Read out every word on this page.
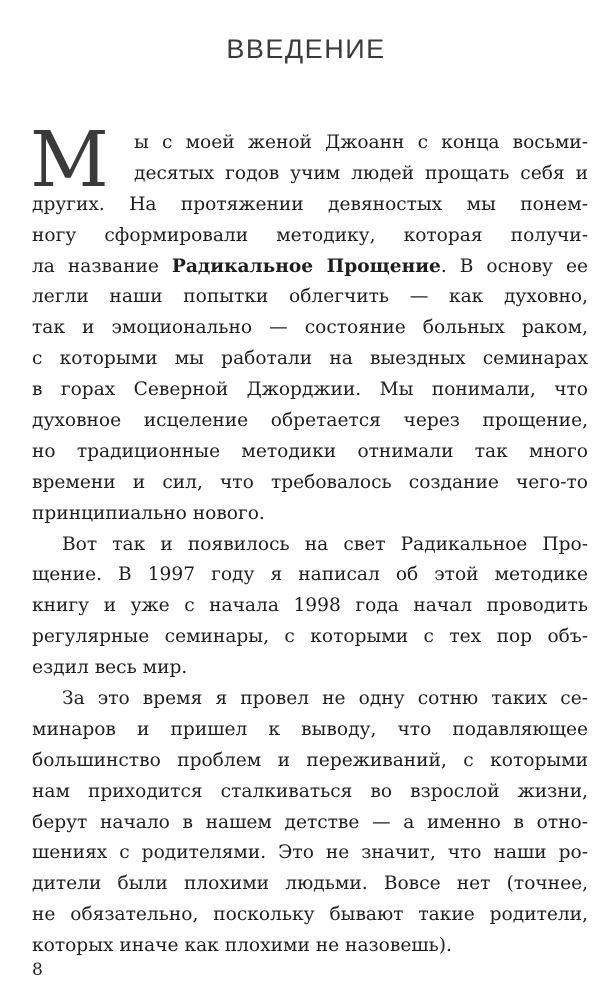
ВВЕДЕНИЕ
М	ы с моей женой Джоанн с конца восьми-
десятых годов учим людей прощать себя и
других. На протяжении девяностых мы понем-
ногу сформировали методику, которая получи-
ла название Радикальное Прощение. В основу ее
легли наши попытки облегчить — как духовно,
так и эмоционально — состояние больных раком,
с которыми мы работали на выездных семинарах
в горах Северной Джорджии. Мы понимали, что
духовное исцеление обретается через прощение,
но традиционные методики отнимали так много
времени и сил, что требовалось создание чего-то
принципиально нового.
Вот так и появилось на свет Радикальное Про-
щение. В 1997 году я написал об этой методике
книгу и уже с начала 1998 года начал проводить
регулярные семинары, с которыми с тех пор объ-
ездил весь мир.
За это время я провел не одну сотню таких се-
минаров и пришел к выводу, что подавляющее
большинство проблем и переживаний, с которыми
нам приходится сталкиваться во взрослой жизни,
берут начало в нашем детстве — а именно в отно-
шениях с родителями. Это не значит, что наши ро-
дители были плохими людьми. Вовсе нет (точнее,
не обязательно, поскольку бывают такие родители,
которых иначе как плохими не назовешь).
8
